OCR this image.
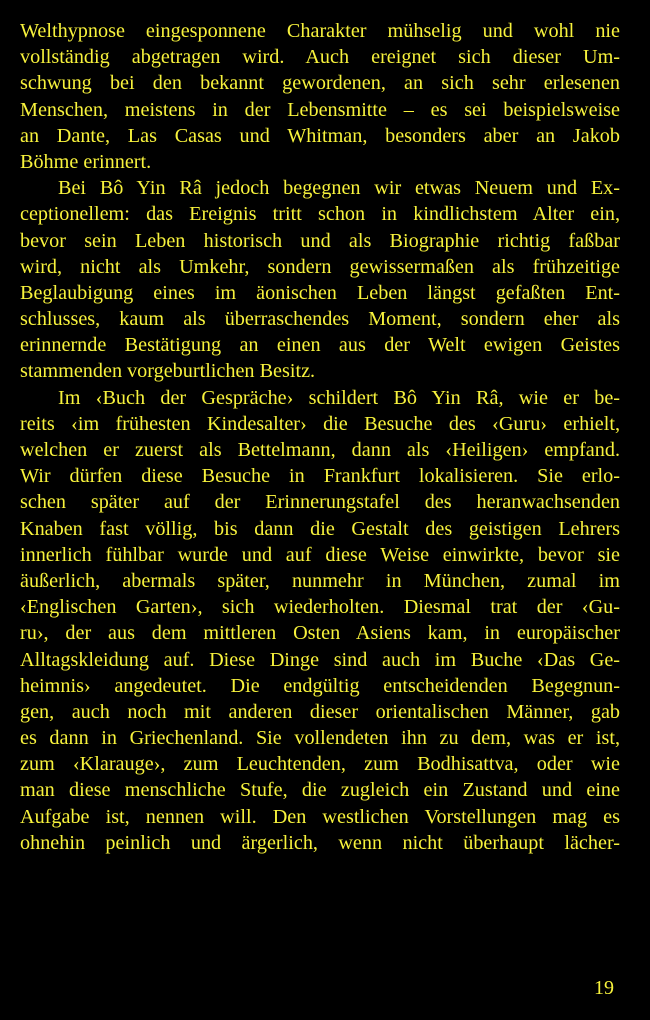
Welthypnose eingesponnene Charakter mühselig und wohl nie
vollständig abgetragen wird. Auch ereignet sich dieser Um-
schwung bei den bekannt gewordenen, an sich sehr erlesenen
Menschen, meistens in der Lebensmitte – es sei beispielsweise
an Dante, Las Casas und Whitman, besonders aber an Jakob
Böhme erinnert.
Bei Bô Yin Râ jedoch begegnen wir etwas Neuem und Ex-
ceptionellem: das Ereignis tritt schon in kindlichstem Alter ein,
bevor sein Leben historisch und als Biographie richtig faßbar
wird, nicht als Umkehr, sondern gewissermaßen als frühzeitige
Beglaubigung eines im äonischen Leben längst gefaßten Ent-
schlusses, kaum als überraschendes Moment, sondern eher als
erinnernde Bestätigung an einen aus der Welt ewigen Geistes
stammenden vorgeburtlichen Besitz.
Im ‹Buch der Gespräche› schildert Bô Yin Râ, wie er be-
reits ‹im frühesten Kindesalter› die Besuche des ‹Guru› erhielt,
welchen er zuerst als Bettelmann, dann als ‹Heiligen› empfand.
Wir dürfen diese Besuche in Frankfurt lokalisieren. Sie erlo-
schen später auf der Erinnerungstafel des heranwachsenden
Knaben fast völlig, bis dann die Gestalt des geistigen Lehrers
innerlich fühlbar wurde und auf diese Weise einwirkte, bevor sie
äußerlich, abermals später, nunmehr in München, zumal im
‹Englischen Garten›, sich wiederholten. Diesmal trat der ‹Gu-
ru›, der aus dem mittleren Osten Asiens kam, in europäischer
Alltagskleidung auf. Diese Dinge sind auch im Buche ‹Das Ge-
heimnis› angedeutet. Die endgültig entscheidenden Begegnun-
gen, auch noch mit anderen dieser orientalischen Männer, gab
es dann in Griechenland. Sie vollendeten ihn zu dem, was er ist,
zum ‹Klarauge›, zum Leuchtenden, zum Bodhisattva, oder wie
man diese menschliche Stufe, die zugleich ein Zustand und eine
Aufgabe ist, nennen will. Den westlichen Vorstellungen mag es
ohnehin peinlich und ärgerlich, wenn nicht überhaupt lächer-
19
